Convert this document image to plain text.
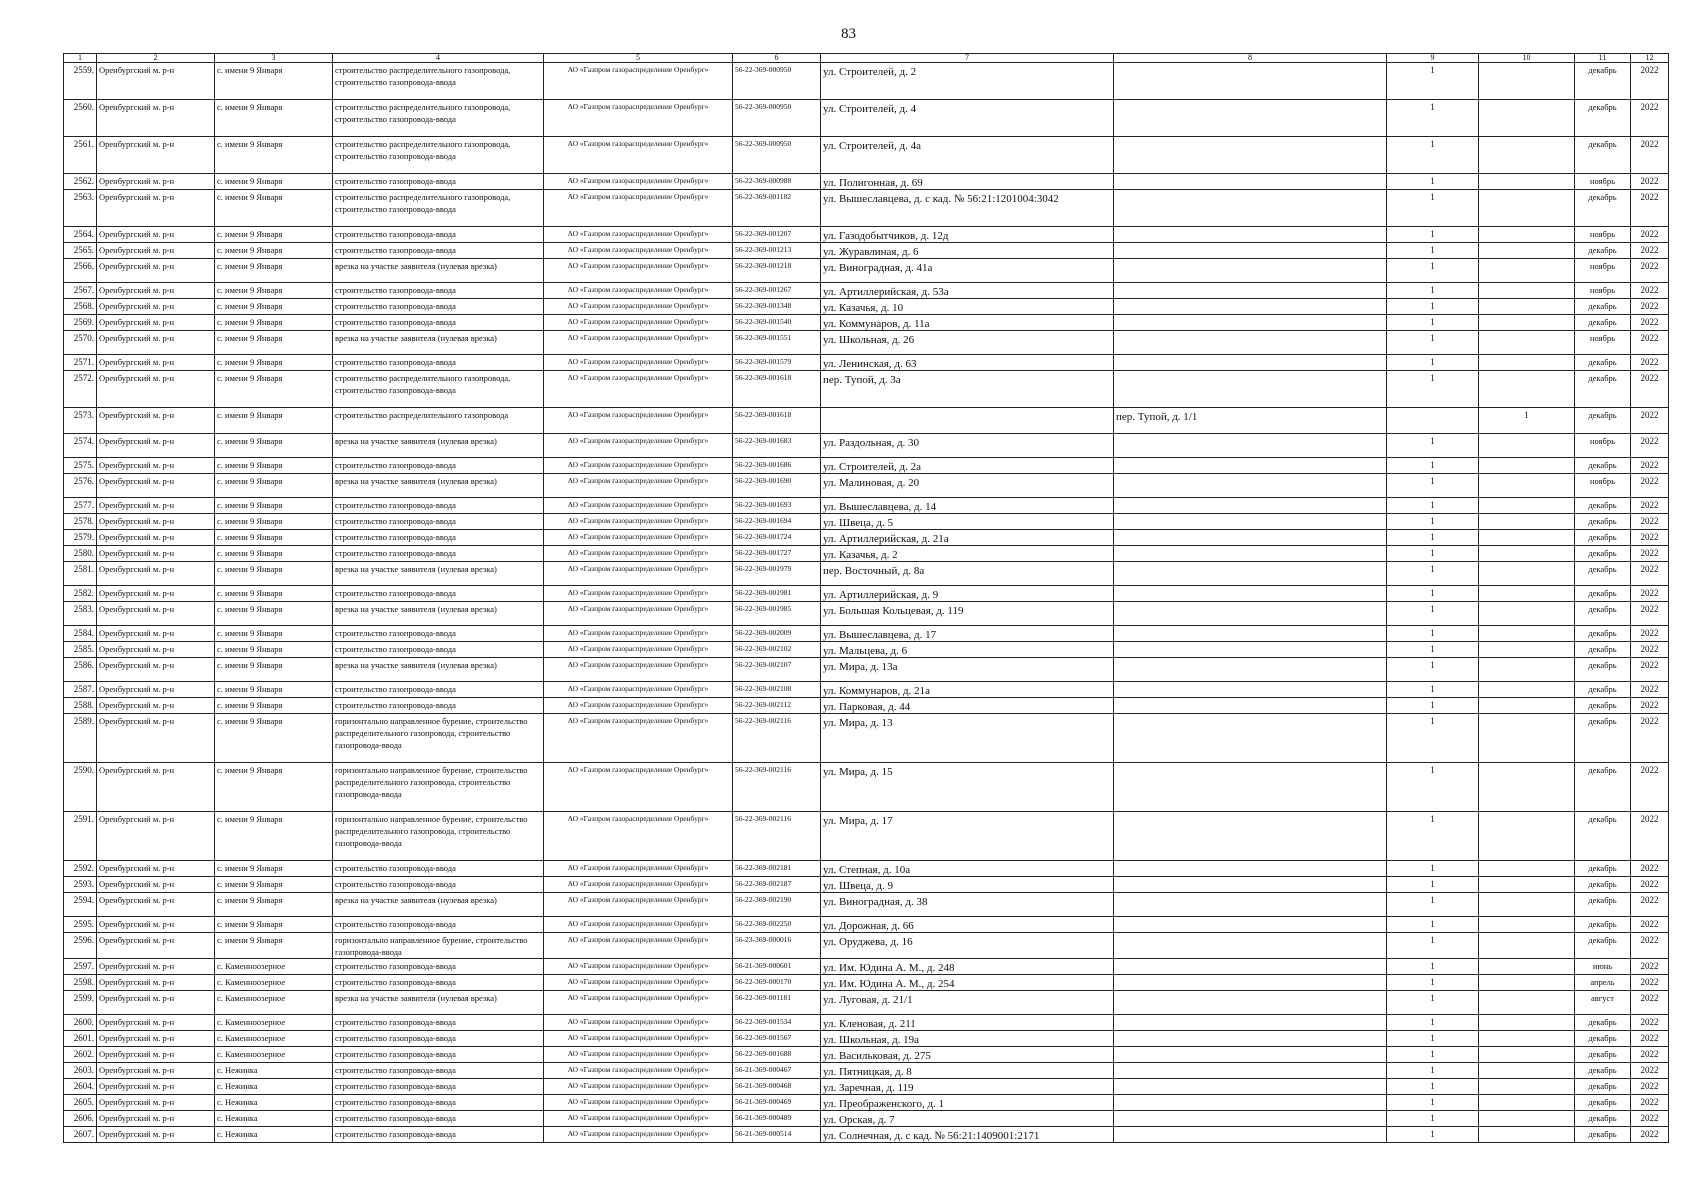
83
1	2	3	4	5	6	7	8	9	10	11	12
2559.	Оренбургский м. р-н	с. имени 9 Января	строительство распределительного газопровода, строительство газопровода-ввода	АО «Газпром газораспределение Оренбург»	56-22-369-000950	ул. Строителей, д. 2		1		декабрь	2022
2560.	Оренбургский м. р-н	с. имени 9 Января	строительство распределительного газопровода, строительство газопровода-ввода	АО «Газпром газораспределение Оренбург»	56-22-369-000950	ул. Строителей, д. 4		1		декабрь	2022
2561.	Оренбургский м. р-н	с. имени 9 Января	строительство распределительного газопровода, строительство газопровода-ввода	АО «Газпром газораспределение Оренбург»	56-22-369-000950	ул. Строителей, д. 4а		1		декабрь	2022
2562.	Оренбургский м. р-н	с. имени 9 Января	строительство газопровода-ввода	АО «Газпром газораспределение Оренбург»	56-22-369-000988	ул. Полигонная, д. 69		1		ноябрь	2022
2563.	Оренбургский м. р-н	с. имени 9 Января	строительство распределительного газопровода, строительство газопровода-ввода	АО «Газпром газораспределение Оренбург»	56-22-369-001182	ул. Вышеславцева, д. с кад. № 56:21:1201004:3042		1		декабрь	2022
2564.	Оренбургский м. р-н	с. имени 9 Января	строительство газопровода-ввода	АО «Газпром газораспределение Оренбург»	56-22-369-001207	ул. Газодобытчиков, д. 12д		1		ноябрь	2022
2565.	Оренбургский м. р-н	с. имени 9 Января	строительство газопровода-ввода	АО «Газпром газораспределение Оренбург»	56-22-369-001213	ул. Журавлиная, д. 6		1		декабрь	2022
2566.	Оренбургский м. р-н	с. имени 9 Января	врезка на участке заявителя (нулевая врезка)	АО «Газпром газораспределение Оренбург»	56-22-369-001218	ул. Виноградная, д. 41а		1		ноябрь	2022
2567.	Оренбургский м. р-н	с. имени 9 Января	строительство газопровода-ввода	АО «Газпром газораспределение Оренбург»	56-22-369-001267	ул. Артиллерийская, д. 53а		1		ноябрь	2022
2568.	Оренбургский м. р-н	с. имени 9 Января	строительство газопровода-ввода	АО «Газпром газораспределение Оренбург»	56-22-369-001348	ул. Казачья, д. 10		1		декабрь	2022
2569.	Оренбургский м. р-н	с. имени 9 Января	строительство газопровода-ввода	АО «Газпром газораспределение Оренбург»	56-22-369-001540	ул. Коммунаров, д. 11а		1		декабрь	2022
2570.	Оренбургский м. р-н	с. имени 9 Января	врезка на участке заявителя (нулевая врезка)	АО «Газпром газораспределение Оренбург»	56-22-369-001551	ул. Школьная, д. 26		1		ноябрь	2022
2571.	Оренбургский м. р-н	с. имени 9 Января	строительство газопровода-ввода	АО «Газпром газораспределение Оренбург»	56-22-369-001579	ул. Ленинская, д. 63		1		декабрь	2022
2572.	Оренбургский м. р-н	с. имени 9 Января	строительство распределительного газопровода, строительство газопровода-ввода	АО «Газпром газораспределение Оренбург»	56-22-369-001618	пер. Тупой, д. 3а		1		декабрь	2022
2573.	Оренбургский м. р-н	с. имени 9 Января	строительство распределительного газопровода	АО «Газпром газораспределение Оренбург»	56-22-369-001618		пер. Тупой, д. 1/1		1	декабрь	2022
2574.	Оренбургский м. р-н	с. имени 9 Января	врезка на участке заявителя (нулевая врезка)	АО «Газпром газораспределение Оренбург»	56-22-369-001683	ул. Раздольная, д. 30		1		ноябрь	2022
2575.	Оренбургский м. р-н	с. имени 9 Января	строительство газопровода-ввода	АО «Газпром газораспределение Оренбург»	56-22-369-001686	ул. Строителей, д. 2а		1		декабрь	2022
2576.	Оренбургский м. р-н	с. имени 9 Января	врезка на участке заявителя (нулевая врезка)	АО «Газпром газораспределение Оренбург»	56-22-369-001690	ул. Малиновая, д. 20		1		ноябрь	2022
2577.	Оренбургский м. р-н	с. имени 9 Января	строительство газопровода-ввода	АО «Газпром газораспределение Оренбург»	56-22-369-001693	ул. Вышеславцева, д. 14		1		декабрь	2022
2578.	Оренбургский м. р-н	с. имени 9 Января	строительство газопровода-ввода	АО «Газпром газораспределение Оренбург»	56-22-369-001694	ул. Швеца, д. 5		1		декабрь	2022
2579.	Оренбургский м. р-н	с. имени 9 Января	строительство газопровода-ввода	АО «Газпром газораспределение Оренбург»	56-22-369-001724	ул. Артиллерийская, д. 21а		1		декабрь	2022
2580.	Оренбургский м. р-н	с. имени 9 Января	строительство газопровода-ввода	АО «Газпром газораспределение Оренбург»	56-22-369-001727	ул. Казачья, д. 2		1		декабрь	2022
2581.	Оренбургский м. р-н	с. имени 9 Января	врезка на участке заявителя (нулевая врезка)	АО «Газпром газораспределение Оренбург»	56-22-369-001979	пер. Восточный, д. 8а		1		декабрь	2022
2582.	Оренбургский м. р-н	с. имени 9 Января	строительство газопровода-ввода	АО «Газпром газораспределение Оренбург»	56-22-369-001981	ул. Артиллерийская, д. 9		1		декабрь	2022
2583.	Оренбургский м. р-н	с. имени 9 Января	врезка на участке заявителя (нулевая врезка)	АО «Газпром газораспределение Оренбург»	56-22-369-001985	ул. Большая Кольцевая, д. 119		1		декабрь	2022
2584.	Оренбургский м. р-н	с. имени 9 Января	строительство газопровода-ввода	АО «Газпром газораспределение Оренбург»	56-22-369-002009	ул. Вышеславцева, д. 17		1		декабрь	2022
2585.	Оренбургский м. р-н	с. имени 9 Января	строительство газопровода-ввода	АО «Газпром газораспределение Оренбург»	56-22-369-002102	ул. Мальцева, д. 6		1		декабрь	2022
2586.	Оренбургский м. р-н	с. имени 9 Января	врезка на участке заявителя (нулевая врезка)	АО «Газпром газораспределение Оренбург»	56-22-369-002107	ул. Мира, д. 13а		1		декабрь	2022
2587.	Оренбургский м. р-н	с. имени 9 Января	строительство газопровода-ввода	АО «Газпром газораспределение Оренбург»	56-22-369-002108	ул. Коммунаров, д. 21а		1		декабрь	2022
2588.	Оренбургский м. р-н	с. имени 9 Января	строительство газопровода-ввода	АО «Газпром газораспределение Оренбург»	56-22-369-002112	ул. Парковая, д. 44		1		декабрь	2022
2589.	Оренбургский м. р-н	с. имени 9 Января	горизонтально направленное бурение, строительство распределительного газопровода, строительство газопровода-ввода	АО «Газпром газораспределение Оренбург»	56-22-369-002116	ул. Мира, д. 13		1		декабрь	2022
2590.	Оренбургский м. р-н	с. имени 9 Января	горизонтально направленное бурение, строительство распределительного газопровода, строительство газопровода-ввода	АО «Газпром газораспределение Оренбург»	56-22-369-002116	ул. Мира, д. 15		1		декабрь	2022
2591.	Оренбургский м. р-н	с. имени 9 Января	горизонтально направленное бурение, строительство распределительного газопровода, строительство газопровода-ввода	АО «Газпром газораспределение Оренбург»	56-22-369-002116	ул. Мира, д. 17		1		декабрь	2022
2592.	Оренбургский м. р-н	с. имени 9 Января	строительство газопровода-ввода	АО «Газпром газораспределение Оренбург»	56-22-369-002181	ул. Степная, д. 10а		1		декабрь	2022
2593.	Оренбургский м. р-н	с. имени 9 Января	строительство газопровода-ввода	АО «Газпром газораспределение Оренбург»	56-22-369-002187	ул. Швеца, д. 9		1		декабрь	2022
2594.	Оренбургский м. р-н	с. имени 9 Января	врезка на участке заявителя (нулевая врезка)	АО «Газпром газораспределение Оренбург»	56-22-369-002190	ул. Виноградная, д. 38		1		декабрь	2022
2595.	Оренбургский м. р-н	с. имени 9 Января	строительство газопровода-ввода	АО «Газпром газораспределение Оренбург»	56-22-369-002250	ул. Дорожная, д. 66		1		декабрь	2022
2596.	Оренбургский м. р-н	с. имени 9 Января	горизонтально направленное бурение, строительство газопровода-ввода	АО «Газпром газораспределение Оренбург»	56-23-369-000016	ул. Оруджева, д. 16		1		декабрь	2022
2597.	Оренбургский м. р-н	с. Каменноозерное	строительство газопровода-ввода	АО «Газпром газораспределение Оренбург»	56-21-369-000601	ул. Им. Юдина А. М., д. 248		1		июнь	2022
2598.	Оренбургский м. р-н	с. Каменноозерное	строительство газопровода-ввода	АО «Газпром газораспределение Оренбург»	56-22-369-000170	ул. Им. Юдина А. М., д. 254		1		апрель	2022
2599.	Оренбургский м. р-н	с. Каменноозерное	врезка на участке заявителя (нулевая врезка)	АО «Газпром газораспределение Оренбург»	56-22-369-001181	ул. Луговая, д. 21/1		1		август	2022
2600.	Оренбургский м. р-н	с. Каменноозерное	строительство газопровода-ввода	АО «Газпром газораспределение Оренбург»	56-22-369-001534	ул. Кленовая, д. 211		1		декабрь	2022
2601.	Оренбургский м. р-н	с. Каменноозерное	строительство газопровода-ввода	АО «Газпром газораспределение Оренбург»	56-22-369-001567	ул. Школьная, д. 19а		1		декабрь	2022
2602.	Оренбургский м. р-н	с. Каменноозерное	строительство газопровода-ввода	АО «Газпром газораспределение Оренбург»	56-22-369-001688	ул. Васильковая, д. 275		1		декабрь	2022
2603.	Оренбургский м. р-н	с. Нежинка	строительство газопровода-ввода	АО «Газпром газораспределение Оренбург»	56-21-369-000467	ул. Пятницкая, д. 8		1		декабрь	2022
2604.	Оренбургский м. р-н	с. Нежинка	строительство газопровода-ввода	АО «Газпром газораспределение Оренбург»	56-21-369-000468	ул. Заречная, д. 119		1		декабрь	2022
2605.	Оренбургский м. р-н	с. Нежинка	строительство газопровода-ввода	АО «Газпром газораспределение Оренбург»	56-21-369-000469	ул. Преображенского, д. 1		1		декабрь	2022
2606.	Оренбургский м. р-н	с. Нежинка	строительство газопровода-ввода	АО «Газпром газораспределение Оренбург»	56-21-369-000489	ул. Орская, д. 7		1		декабрь	2022
2607.	Оренбургский м. р-н	с. Нежинка	строительство газопровода-ввода	АО «Газпром газораспределение Оренбург»	56-21-369-000514	ул. Солнечная, д. с кад. № 56:21:1409001:2171		1		декабрь	2022
